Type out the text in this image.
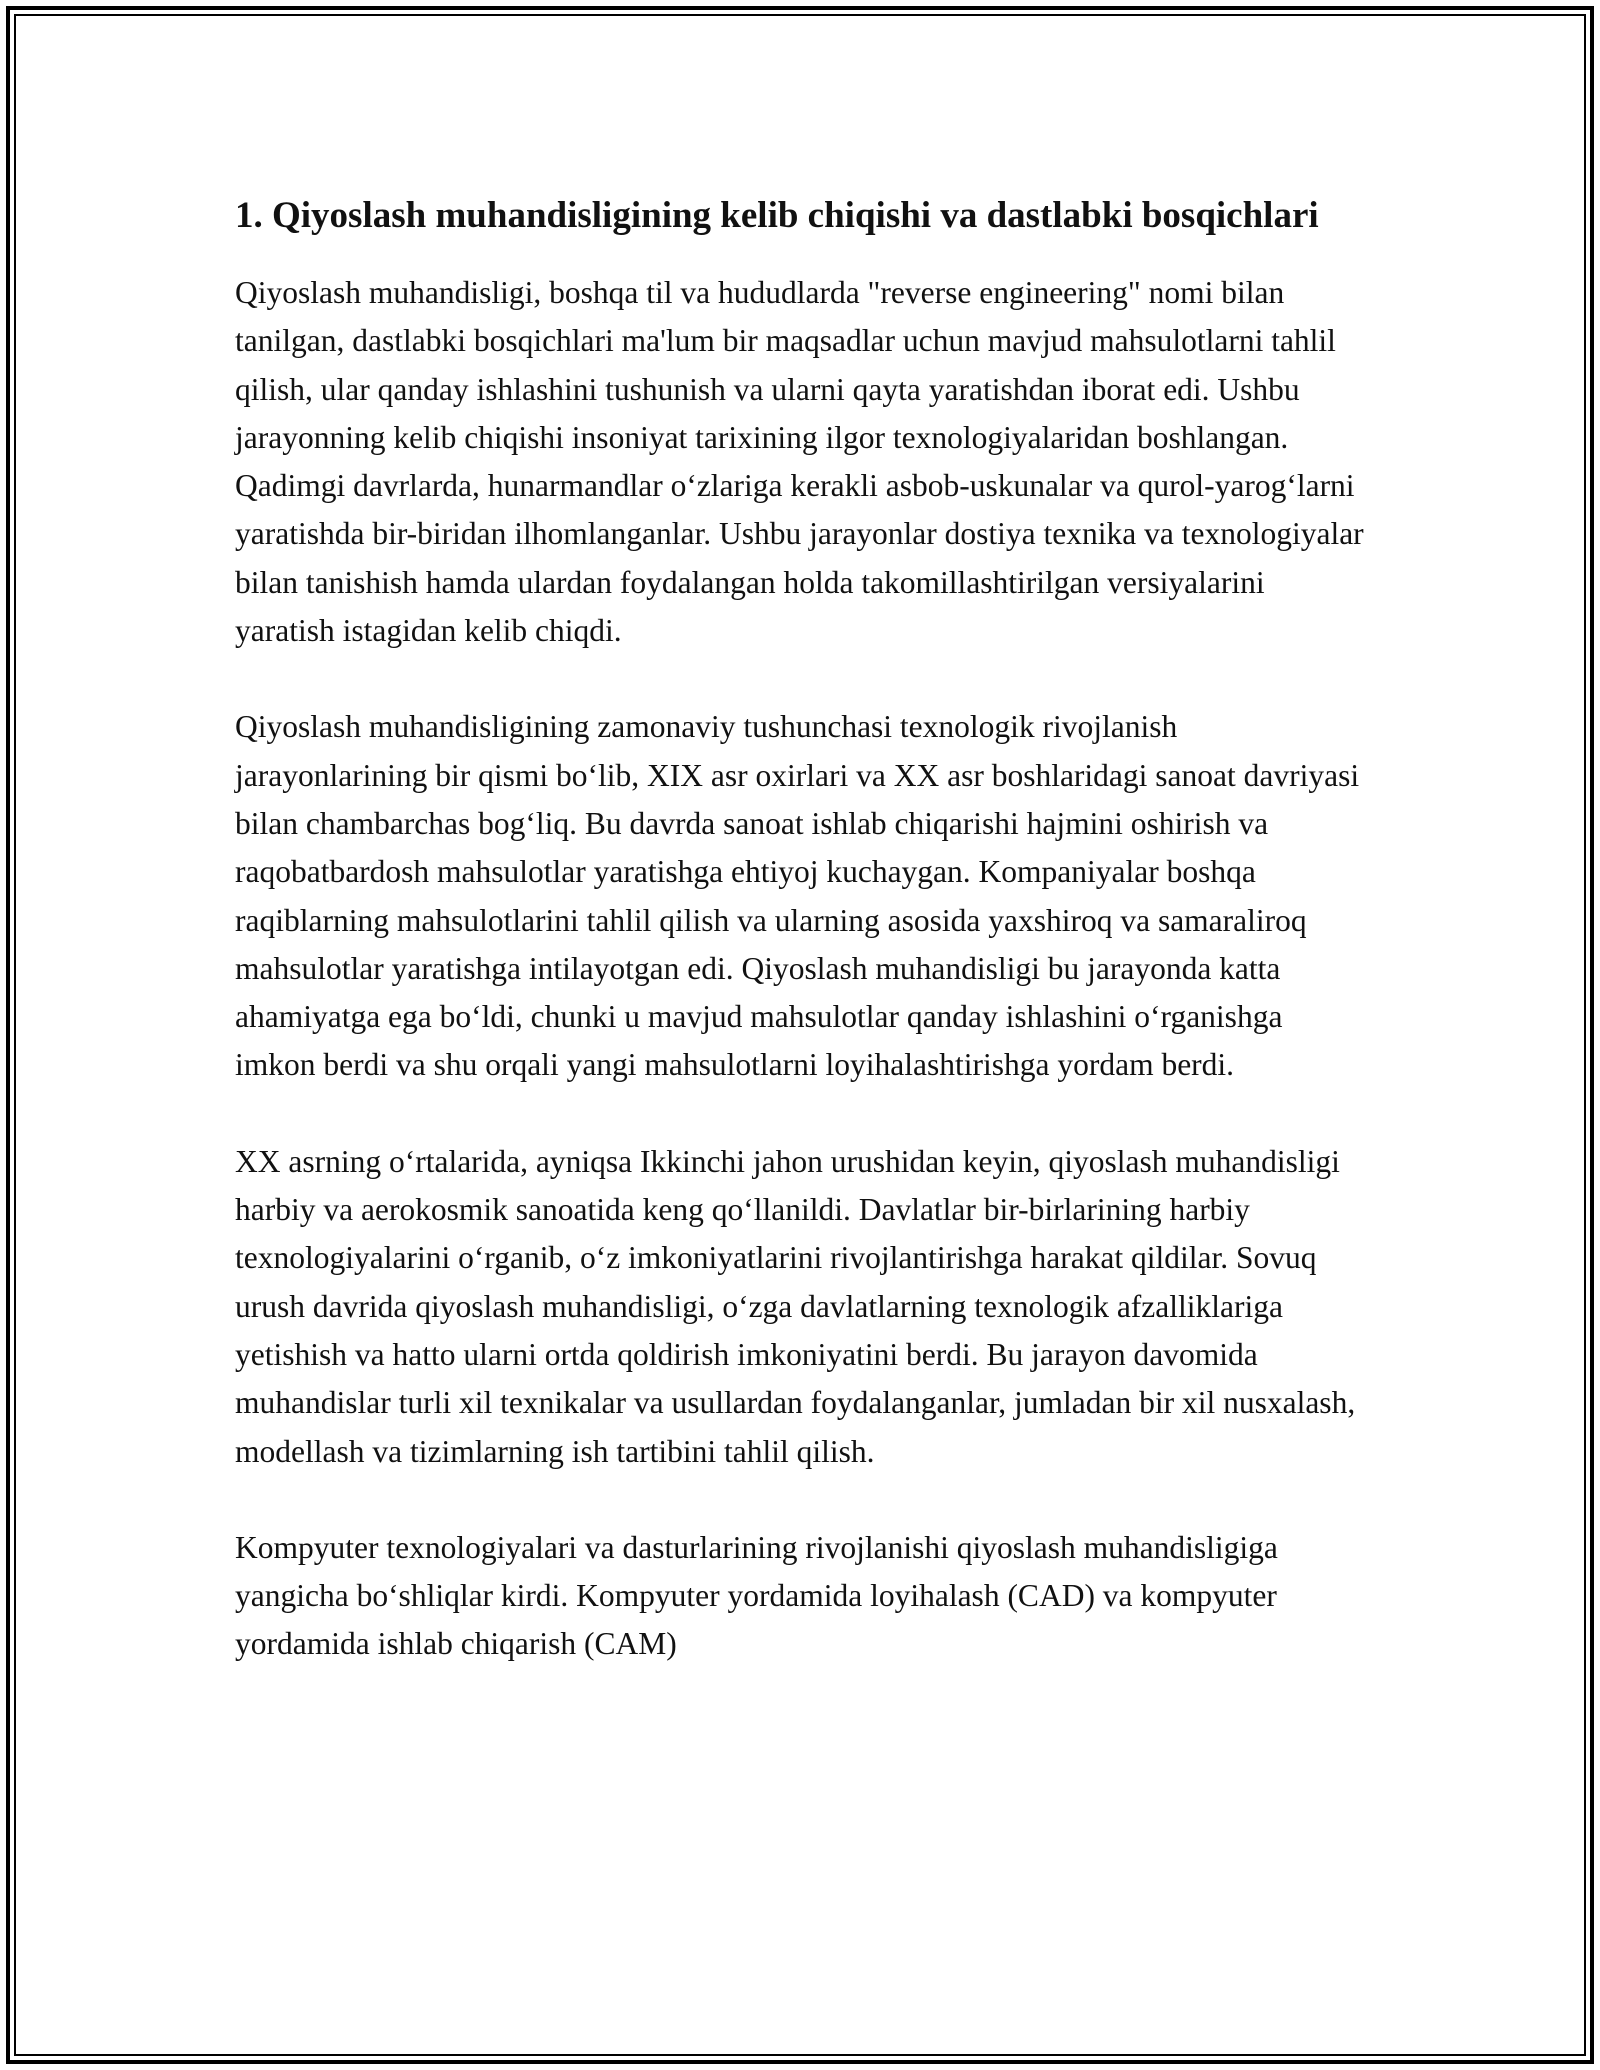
1. Qiyoslash muhandisligining kelib chiqishi va dastlabki bosqichlari

Qiyoslash muhandisligi, boshqa til va hududlarda "reverse engineering" nomi bilan tanilgan, dastlabki bosqichlari ma'lum bir maqsadlar uchun mavjud mahsulotlarni tahlil qilish, ular qanday ishlashini tushunish va ularni qayta yaratishdan iborat edi. Ushbu jarayonning kelib chiqishi insoniyat tarixining ilgor texnologiyalaridan boshlangan. Qadimgi davrlarda, hunarmandlar o‘zlariga kerakli asbob-uskunalar va qurol-yarog‘larni yaratishda bir-biridan ilhomlanganlar. Ushbu jarayonlar dostiya texnika va texnologiyalar bilan tanishish hamda ulardan foydalangan holda takomillashtirilgan versiyalarini yaratish istagidan kelib chiqdi.

Qiyoslash muhandisligining zamonaviy tushunchasi texnologik rivojlanish jarayonlarining bir qismi bo‘lib, XIX asr oxirlari va XX asr boshlaridagi sanoat davriyasi bilan chambarchas bog‘liq. Bu davrda sanoat ishlab chiqarishi hajmini oshirish va raqobatbardosh mahsulotlar yaratishga ehtiyoj kuchaygan. Kompaniyalar boshqa raqiblarning mahsulotlarini tahlil qilish va ularning asosida yaxshiroq va samaraliroq mahsulotlar yaratishga intilayotgan edi. Qiyoslash muhandisligi bu jarayonda katta ahamiyatga ega bo‘ldi, chunki u mavjud mahsulotlar qanday ishlashini o‘rganishga imkon berdi va shu orqali yangi mahsulotlarni loyihalashtirishga yordam berdi.

XX asrning o‘rtalarida, ayniqsa Ikkinchi jahon urushidan keyin, qiyoslash muhandisligi harbiy va aerokosmik sanoatida keng qo‘llanildi. Davlatlar bir-birlarining harbiy texnologiyalarini o‘rganib, o‘z imkoniyatlarini rivojlantirishga harakat qildilar. Sovuq urush davrida qiyoslash muhandisligi, o‘zga davlatlarning texnologik afzalliklariga yetishish va hatto ularni ortda qoldirish imkoniyatini berdi. Bu jarayon davomida muhandislar turli xil texnikalar va usullardan foydalanganlar, jumladan bir xil nusxalash, modellash va tizimlarning ish tartibini tahlil qilish.

Kompyuter texnologiyalari va dasturlarining rivojlanishi qiyoslash muhandisligiga yangicha bo‘shliqlar kirdi. Kompyuter yordamida loyihalash (CAD) va kompyuter yordamida ishlab chiqarish (CAM)
